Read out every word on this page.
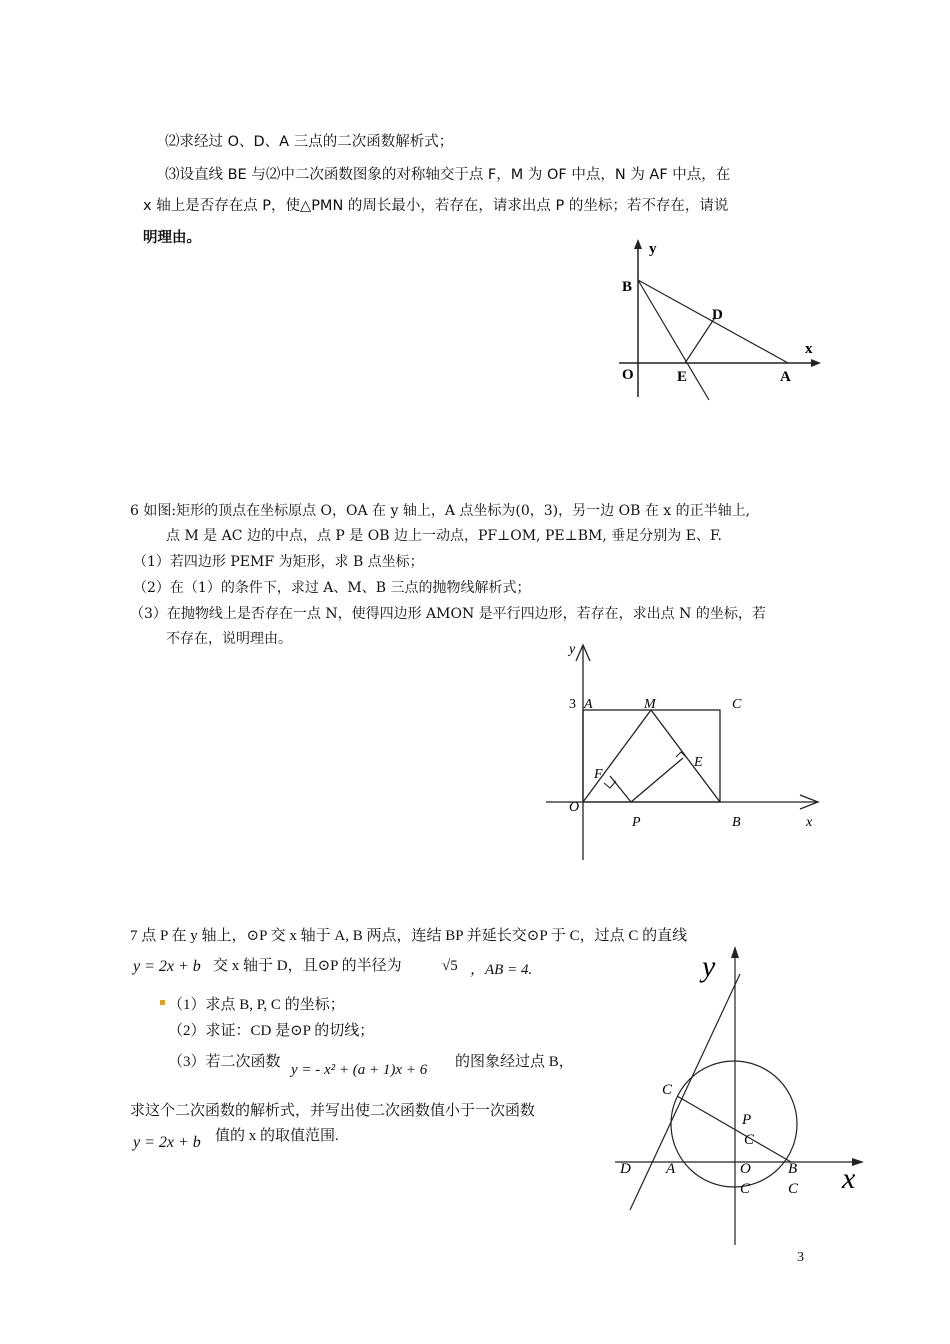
⑵求经过 O、D、A 三点的二次函数解析式；
⑶设直线 BE 与⑵中二次函数图象的对称轴交于点 F，M 为 OF 中点，N 为 AF 中点，在
x 轴上是否存在点 P，使△PMN 的周长最小，若存在，请求出点 P 的坐标；若不存在，请说
明理由。
y
x
B
D
O	E	A
6 如图:矩形的顶点在坐标原点 O，OA 在 y 轴上，A 点坐标为(0，3)，另一边 OB 在 x 的正半轴上,
点 M 是 AC 边的中点，点 P 是 OB 边上一动点，PF⊥OM, PE⊥BM, 垂足分别为 E、F.
（1）若四边形 PEMF 为矩形，求 B 点坐标；
（2）在（1）的条件下，求过 A、M、B 三点的抛物线解析式；
（3）在抛物线上是否存在一点 N，使得四边形 AMON 是平行四边形，若存在，求出点 N 的坐标，若
不存在，说明理由。
y
3 A	M	C
F
E
O
P	B	x
7 点 P 在 y 轴上，⊙P 交 x 轴于 A, B 两点，连结 BP 并延长交⊙P 于 C，过点 C 的直线
y = 2x + b 交 x 轴于 D，且⊙P 的半径为	√5 ，AB = 4.
（1）求点 B, P, C 的坐标；
（2）求证：CD 是⊙P 的切线；
（3）若二次函数 y = - x² + (a + 1)x + 6 的图象经过点 B，
求这个二次函数的解析式，并写出使二次函数值小于一次函数
y = 2x + b 值的 x 的取值范围.
y
x
C
P
C
D A	O B
C	C
3
